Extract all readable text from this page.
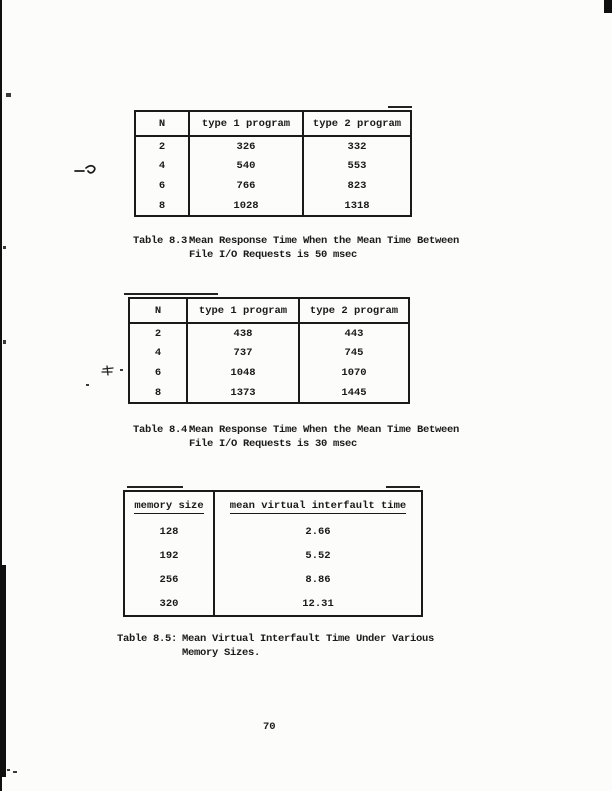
N	type 1 program	type 2 program
2	326	332
4	540	553
6	766	823
8	1028	1318
Table 8.3:
Mean Response Time When the Mean Time Between
File I/O Requests is 50 msec
N	type 1 program	type 2 program
2	438	443
4	737	745
6	1048	1070
8	1373	1445
Table 8.4:
Mean Response Time When the Mean Time Between
File I/O Requests is 30 msec
memory size	mean virtual interfault time
128	2.66
192	5.52
256	8.86
320	12.31
Table 8.5: Mean Virtual Interfault Time Under Various
Memory Sizes.
70
